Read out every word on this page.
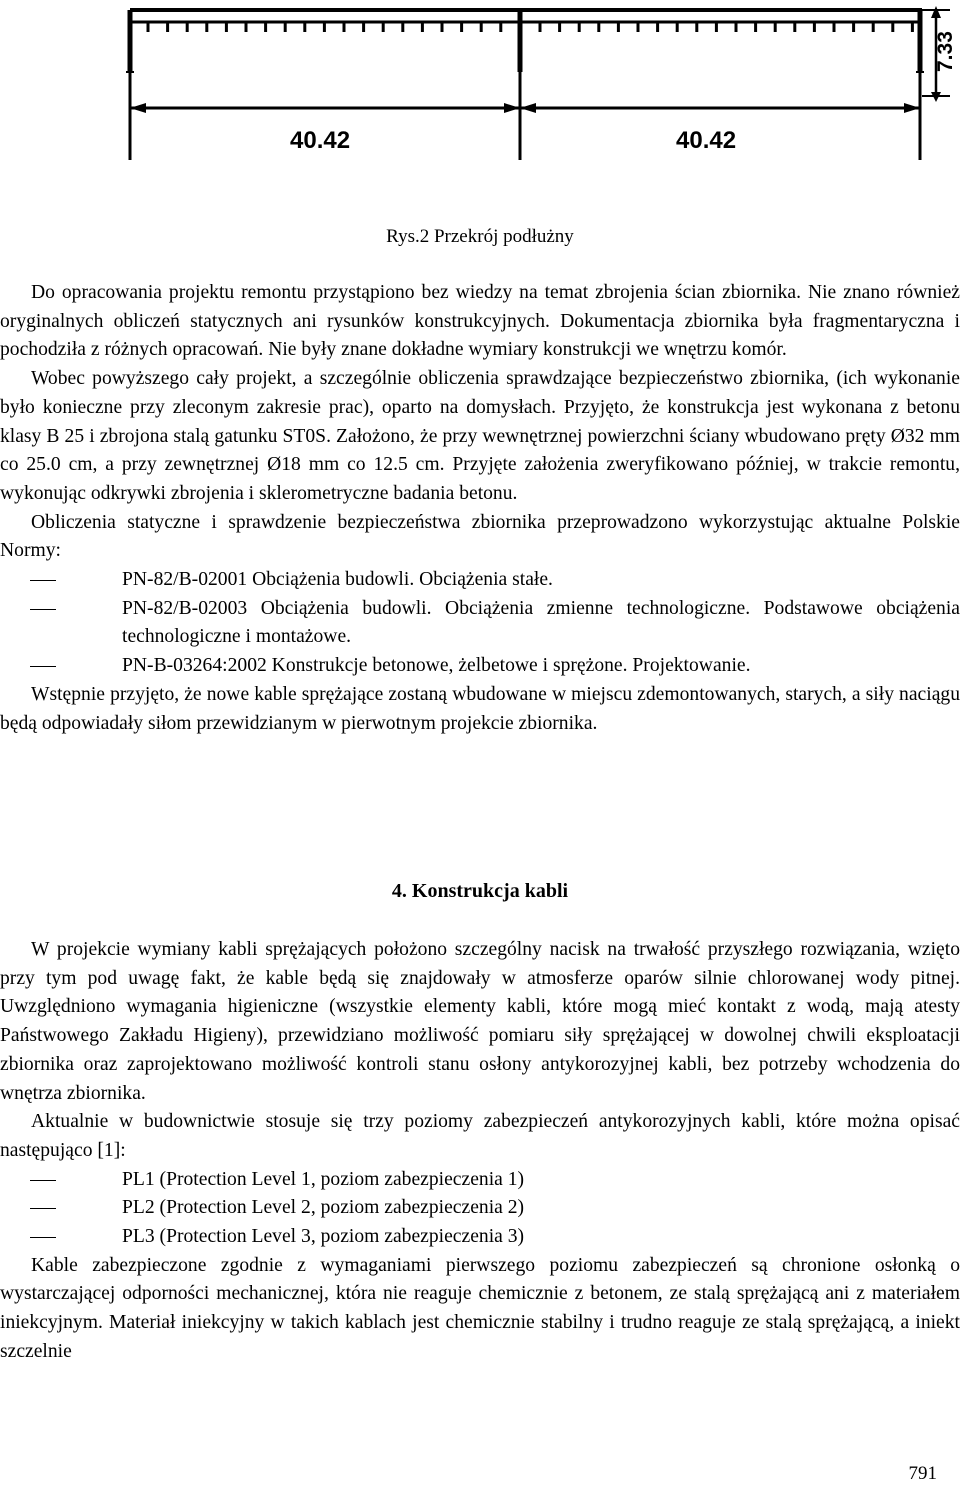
40.42	40.42
7.33
Rys.2 Przekrój podłużny

Do opracowania projektu remontu przystąpiono bez wiedzy na temat zbrojenia ścian zbiornika. Nie znano również oryginalnych obliczeń statycznych ani rysunków konstrukcyjnych. Dokumentacja zbiornika była fragmentaryczna i pochodziła z różnych opracowań. Nie były znane dokładne wymiary konstrukcji we wnętrzu komór.

Wobec powyższego cały projekt, a szczególnie obliczenia sprawdzające bezpieczeństwo zbiornika, (ich wykonanie było konieczne przy zleconym zakresie prac), oparto na domysłach. Przyjęto, że konstrukcja jest wykonana z betonu klasy B 25 i zbrojona stalą gatunku ST0S. Założono, że przy wewnętrznej powierzchni ściany wbudowano pręty Ø32 mm co 25.0 cm, a przy zewnętrznej Ø18 mm co 12.5 cm. Przyjęte założenia zweryfikowano później, w trakcie remontu, wykonując odkrywki zbrojenia i sklerometryczne badania betonu.

Obliczenia statyczne i sprawdzenie bezpieczeństwa zbiornika przeprowadzono wykorzystując aktualne Polskie Normy:

PN-82/B-02001 Obciążenia budowli. Obciążenia stałe.
PN-82/B-02003 Obciążenia budowli. Obciążenia zmienne technologiczne. Podstawowe obciążenia technologiczne i montażowe.
PN-B-03264:2002 Konstrukcje betonowe, żelbetowe i sprężone. Projektowanie.

Wstępnie przyjęto, że nowe kable sprężające zostaną wbudowane w miejscu zdemontowanych, starych, a siły naciągu będą odpowiadały siłom przewidzianym w pierwotnym projekcie zbiornika.

4. Konstrukcja kabli

W projekcie wymiany kabli sprężających położono szczególny nacisk na trwałość przyszłego rozwiązania, wzięto przy tym pod uwagę fakt, że kable będą się znajdowały w atmosferze oparów silnie chlorowanej wody pitnej. Uwzględniono wymagania higieniczne (wszystkie elementy kabli, które mogą mieć kontakt z wodą, mają atesty Państwowego Zakładu Higieny), przewidziano możliwość pomiaru siły sprężającej w dowolnej chwili eksploatacji zbiornika oraz zaprojektowano możliwość kontroli stanu osłony antykorozyjnej kabli, bez potrzeby wchodzenia do wnętrza zbiornika.

Aktualnie w budownictwie stosuje się trzy poziomy zabezpieczeń antykorozyjnych kabli, które można opisać następująco [1]:

PL1 (Protection Level 1, poziom zabezpieczenia 1)
PL2 (Protection Level 2, poziom zabezpieczenia 2)
PL3 (Protection Level 3, poziom zabezpieczenia 3)

Kable zabezpieczone zgodnie z wymaganiami pierwszego poziomu zabezpieczeń są chronione osłonką o wystarczającej odporności mechanicznej, która nie reaguje chemicznie z betonem, ze stalą sprężającą ani z materiałem iniekcyjnym. Materiał iniekcyjny w takich kablach jest chemicznie stabilny i trudno reaguje ze stalą sprężającą, a iniekt szczelnie

791
